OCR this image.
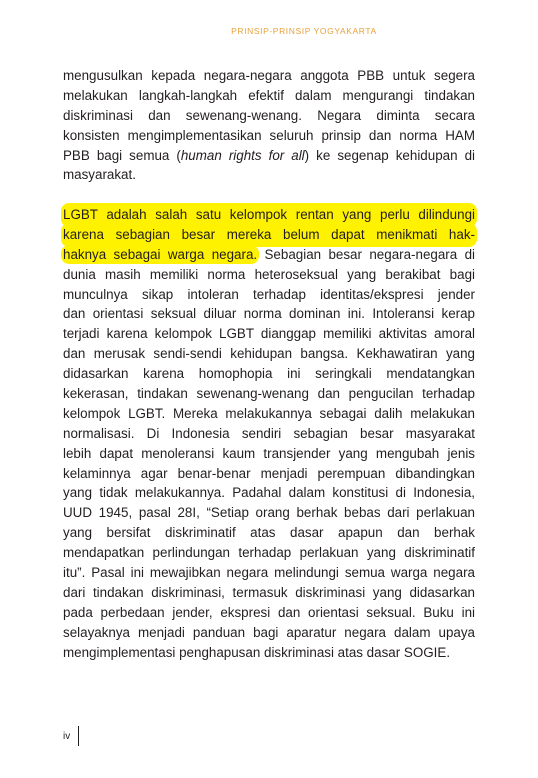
PRINSIP-PRINSIP YOGYAKARTA
mengusulkan kepada negara-negara anggota PBB untuk segera
melakukan langkah-langkah efektif dalam mengurangi tindakan
diskriminasi dan sewenang-wenang. Negara diminta secara
konsisten mengimplementasikan seluruh prinsip dan norma HAM
PBB bagi semua (human rights for all) ke segenap kehidupan di
masyarakat.
LGBT adalah salah satu kelompok rentan yang perlu dilindungi
karena sebagian besar mereka belum dapat menikmati hak-
haknya sebagai warga negara. Sebagian besar negara-negara di
dunia masih memiliki norma heteroseksual yang berakibat bagi
munculnya sikap intoleran terhadap identitas/ekspresi jender
dan orientasi seksual diluar norma dominan ini. Intoleransi kerap
terjadi karena kelompok LGBT dianggap memiliki aktivitas amoral
dan merusak sendi-sendi kehidupan bangsa. Kekhawatiran yang
didasarkan karena homophopia ini seringkali mendatangkan
kekerasan, tindakan sewenang-wenang dan pengucilan terhadap
kelompok LGBT. Mereka melakukannya sebagai dalih melakukan
normalisasi. Di Indonesia sendiri sebagian besar masyarakat
lebih dapat menoleransi kaum transjender yang mengubah jenis
kelaminnya agar benar-benar menjadi perempuan dibandingkan
yang tidak melakukannya. Padahal dalam konstitusi di Indonesia,
UUD 1945, pasal 28I, “Setiap orang berhak bebas dari perlakuan
yang bersifat diskriminatif atas dasar apapun dan berhak
mendapatkan perlindungan terhadap perlakuan yang diskriminatif
itu”. Pasal ini mewajibkan negara melindungi semua warga negara
dari tindakan diskriminasi, termasuk diskriminasi yang didasarkan
pada perbedaan jender, ekspresi dan orientasi seksual. Buku ini
selayaknya menjadi panduan bagi aparatur negara dalam upaya
mengimplementasi penghapusan diskriminasi atas dasar SOGIE.
iv
